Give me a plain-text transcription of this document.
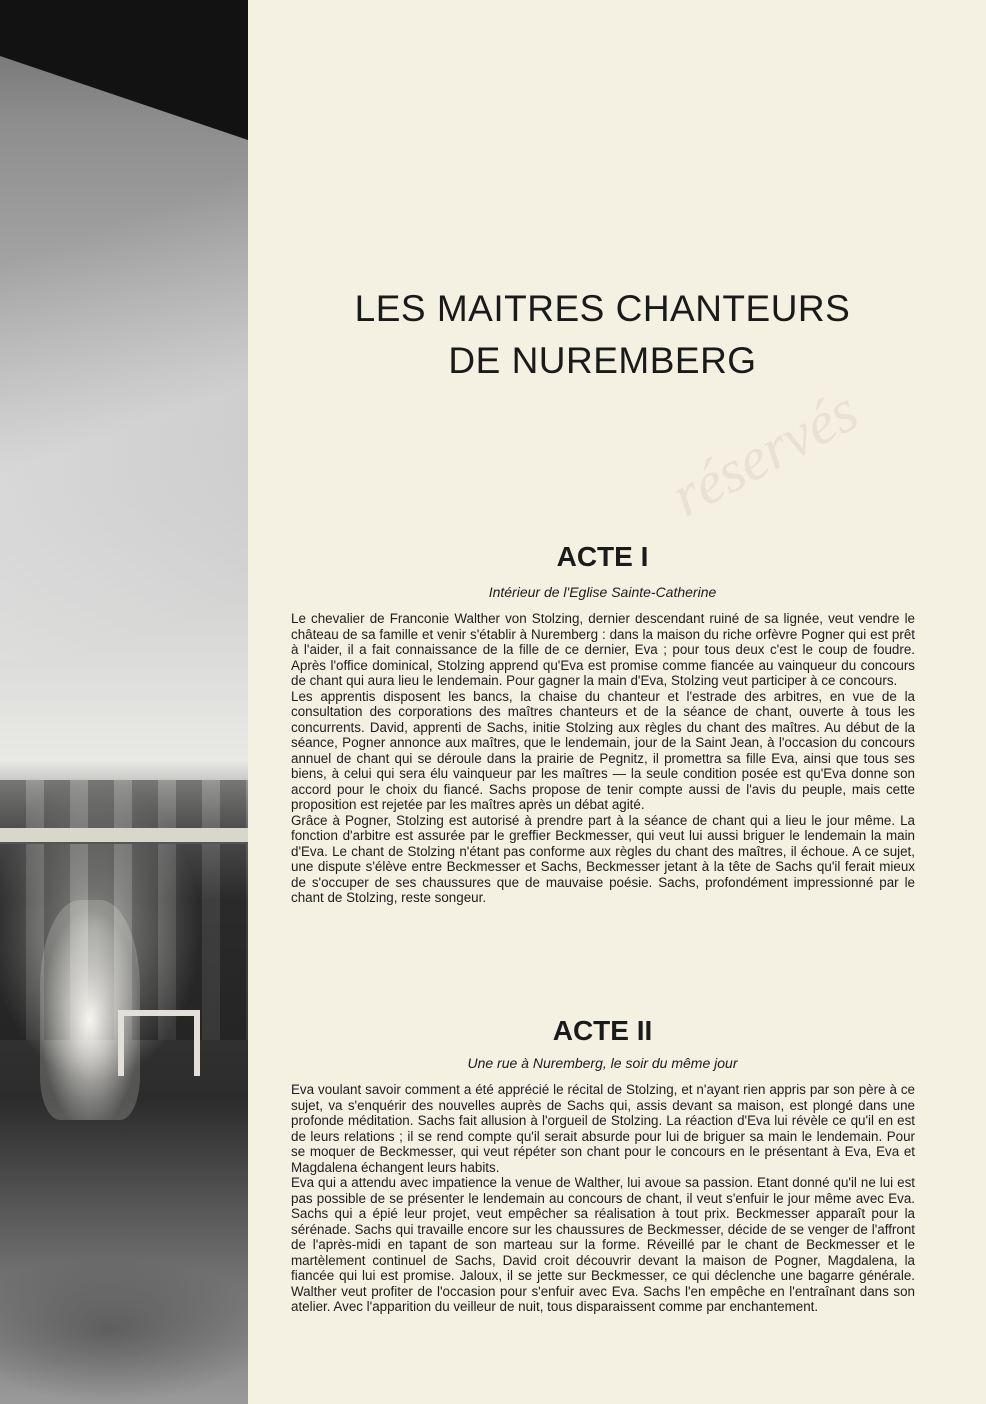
réservés
LES MAITRES CHANTEURS
DE NUREMBERG
ACTE I
Intérieur de l'Eglise Sainte-Catherine

Le chevalier de Franconie Walther von Stolzing, dernier descendant ruiné de sa lignée, veut vendre le château de sa famille et venir s'établir à Nuremberg : dans la maison du riche orfèvre Pogner qui est prêt à l'aider, il a fait connaissance de la fille de ce dernier, Eva ; pour tous deux c'est le coup de foudre. Après l'office dominical, Stolzing apprend qu'Eva est promise comme fiancée au vainqueur du concours de chant qui aura lieu le lendemain. Pour gagner la main d'Eva, Stolzing veut participer à ce concours.

Les apprentis disposent les bancs, la chaise du chanteur et l'estrade des arbitres, en vue de la consultation des corporations des maîtres chanteurs et de la séance de chant, ouverte à tous les concurrents. David, apprenti de Sachs, initie Stolzing aux règles du chant des maîtres. Au début de la séance, Pogner annonce aux maîtres, que le lendemain, jour de la Saint Jean, à l'occasion du concours annuel de chant qui se déroule dans la prairie de Pegnitz, il promettra sa fille Eva, ainsi que tous ses biens, à celui qui sera élu vainqueur par les maîtres — la seule condition posée est qu'Eva donne son accord pour le choix du fiancé. Sachs propose de tenir compte aussi de l'avis du peuple, mais cette proposition est rejetée par les maîtres après un débat agité.

Grâce à Pogner, Stolzing est autorisé à prendre part à la séance de chant qui a lieu le jour même. La fonction d'arbitre est assurée par le greffier Beckmesser, qui veut lui aussi briguer le lendemain la main d'Eva. Le chant de Stolzing n'étant pas conforme aux règles du chant des maîtres, il échoue. A ce sujet, une dispute s'élève entre Beckmesser et Sachs, Beckmesser jetant à la tête de Sachs qu'il ferait mieux de s'occuper de ses chaussures que de mauvaise poésie. Sachs, profondément impressionné par le chant de Stolzing, reste songeur.

ACTE II
Une rue à Nuremberg, le soir du même jour

Eva voulant savoir comment a été apprécié le récital de Stolzing, et n'ayant rien appris par son père à ce sujet, va s'enquérir des nouvelles auprès de Sachs qui, assis devant sa maison, est plongé dans une profonde méditation. Sachs fait allusion à l'orgueil de Stolzing. La réaction d'Eva lui révèle ce qu'il en est de leurs relations ; il se rend compte qu'il serait absurde pour lui de briguer sa main le lendemain. Pour se moquer de Beckmesser, qui veut répéter son chant pour le concours en le présentant à Eva, Eva et Magdalena échangent leurs habits.

Eva qui a attendu avec impatience la venue de Walther, lui avoue sa passion. Etant donné qu'il ne lui est pas possible de se présenter le lendemain au concours de chant, il veut s'enfuir le jour même avec Eva. Sachs qui a épié leur projet, veut empêcher sa réalisation à tout prix. Beckmesser apparaît pour la sérénade. Sachs qui travaille encore sur les chaussures de Beckmesser, décide de se venger de l'affront de l'après-midi en tapant de son marteau sur la forme. Réveillé par le chant de Beckmesser et le martèlement continuel de Sachs, David croit découvrir devant la maison de Pogner, Magdalena, la fiancée qui lui est promise. Jaloux, il se jette sur Beckmesser, ce qui déclenche une bagarre générale. Walther veut profiter de l'occasion pour s'enfuir avec Eva. Sachs l'en empêche en l'entraînant dans son atelier. Avec l'apparition du veilleur de nuit, tous disparaissent comme par enchantement.
